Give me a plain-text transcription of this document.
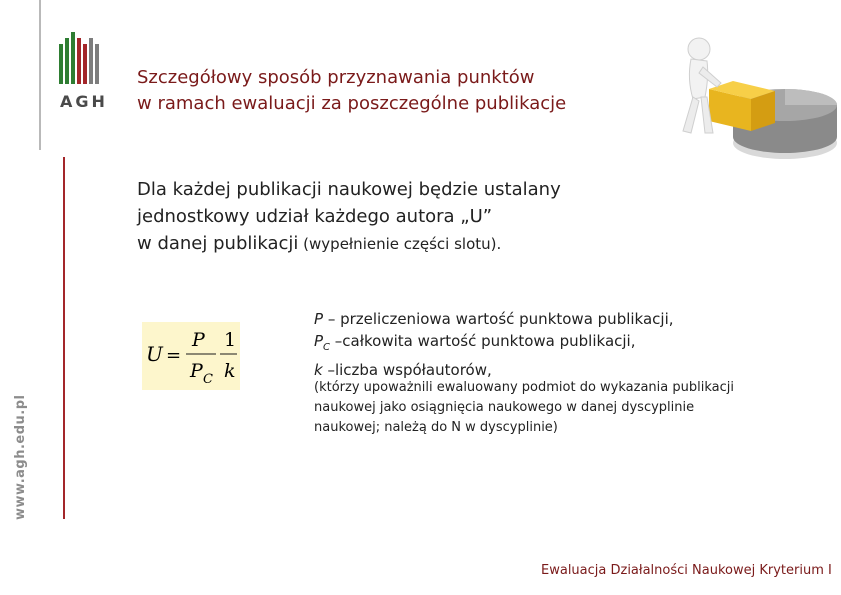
AGH
www.agh.edu.pl
Szczegółowy sposób przyznawania punktów
w ramach ewaluacji za poszczególne publikacje
Dla każdej publikacji naukowej będzie ustalany
jednostkowy udział każdego autora „U”
w danej publikacji (wypełnienie części slotu).
U =
P
P C
1
k
P – przeliczeniowa wartość punktowa publikacji,
$P_C$ –całkowita wartość punktowa publikacji,
k –liczba współautorów,
(którzy upoważnili ewaluowany podmiot do wykazania publikacji
naukowej jako osiągnięcia naukowego w danej dyscyplinie
naukowej; należą do N w dyscyplinie)
Ewaluacja Działalności Naukowej Kryterium I
